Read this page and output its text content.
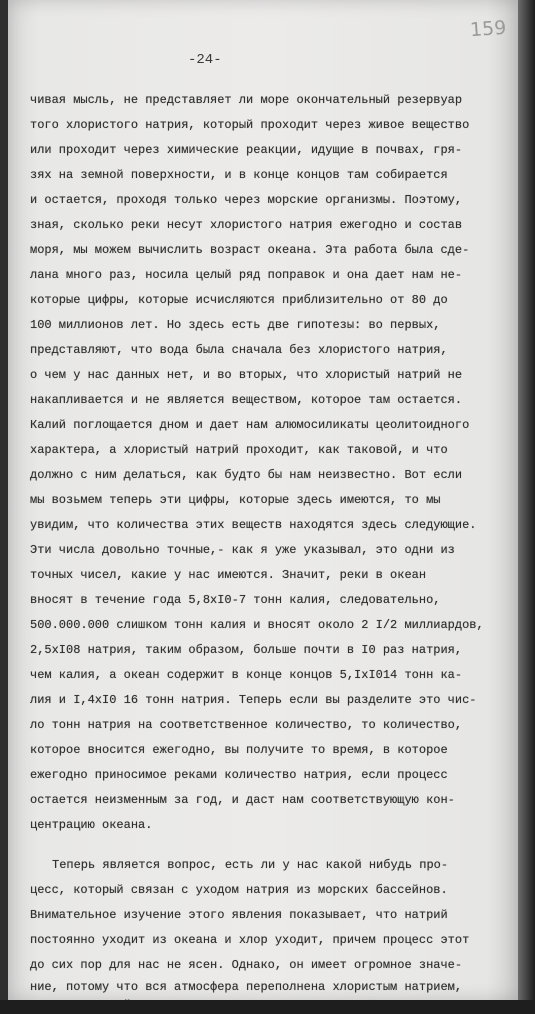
159
-24-
чивая мысль, не представляет ли море окончательный резервуар
того хлористого натрия, который проходит через живое вещество
или проходит через химические реакции, идущие в почвах, гря-
зях на земной поверхности, и в конце концов там собирается
и остается, проходя только через морские организмы. Поэтому,
зная, сколько реки несут хлористого натрия ежегодно и состав
моря, мы можем вычислить возраст океана. Эта работа была сде-
лана много раз, носила целый ряд поправок и она дает нам не-
которые цифры, которые исчисляются приблизительно от 80 до
100 миллионов лет. Но здесь есть две гипотезы: во первых,
представляют, что вода была сначала без хлористого натрия,
о чем у нас данных нет, и во вторых, что хлористый натрий не
накапливается и не является веществом, которое там остается.
Калий поглощается дном и дает нам алюмосиликаты цеолитоидного
характера, а хлористый натрий проходит, как таковой, и что
должно с ним делаться, как будто бы нам неизвестно. Вот если
мы возьмем теперь эти цифры, которые здесь имеются, то мы
увидим, что количества этих веществ находятся здесь следующие.
Эти числа довольно точные,- как я уже указывал, это одни из
точных чисел, какие у нас имеются. Значит, реки в океан
вносят в течение года 5,8хI0-7 тонн калия, следовательно,
500.000.000 слишком тонн калия и вносят около 2 I/2 миллиардов,
2,5хI08 натрия, таким образом, больше почти в I0 раз натрия,
чем калия, а океан содержит в конце концов 5,IхI014 тонн ка-
лия и I,4хI0 16 тонн натрия. Теперь если вы разделите это чис-
ло тонн натрия на соответственное количество, то количество,
которое вносится ежегодно, вы получите то время, в которое
ежегодно приносимое реками количество натрия, если процесс
остается неизменным за год, и даст нам соответствующую кон-
центрацию океана.
Теперь является вопрос, есть ли у нас какой нибудь про-
цесс, который связан с уходом натрия из морских бассейнов.
Внимательное изучение этого явления показывает, что натрий
постоянно уходит из океана и хлор уходит, причем процесс этот
до сих пор для нас не ясен. Однако, он имеет огромное значе-
ние, потому что вся атмосфера переполнена хлористым натрием,
